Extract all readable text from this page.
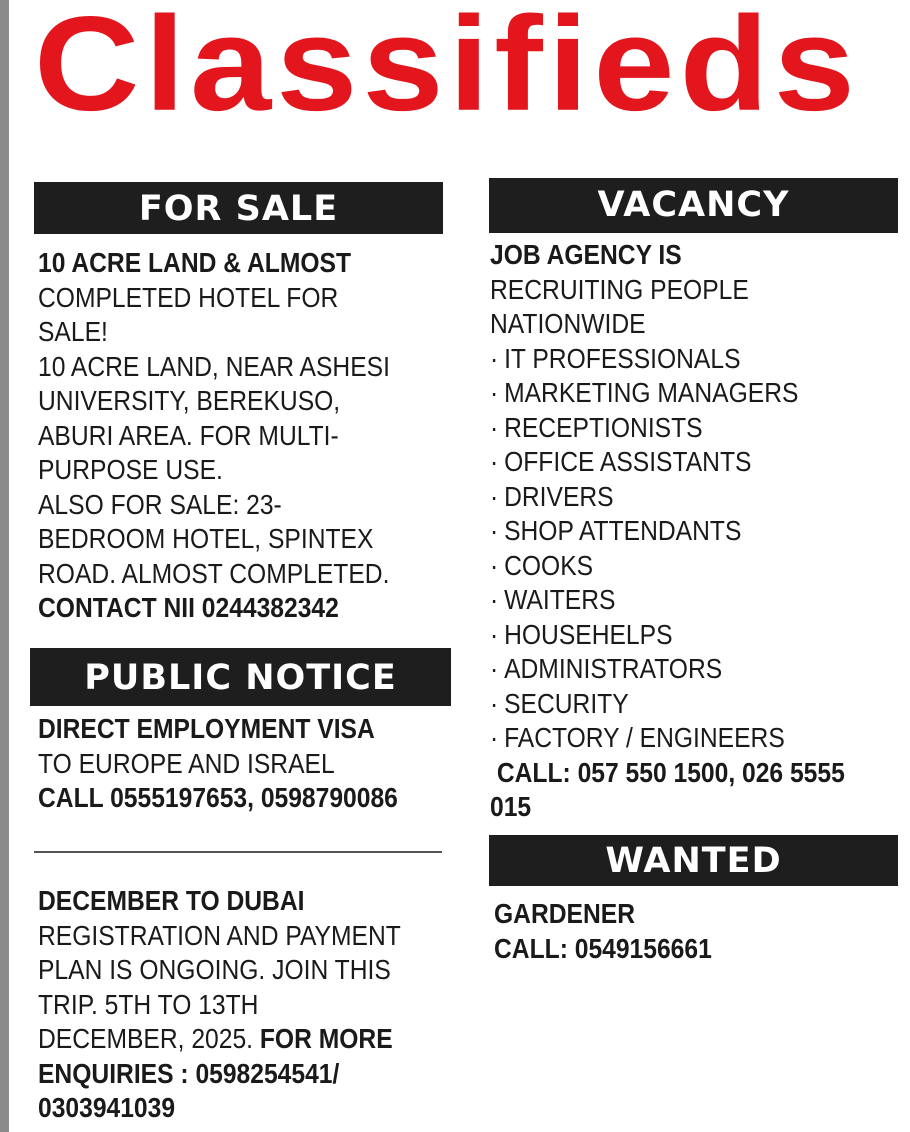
Classifieds
FOR SALE
10 ACRE LAND & ALMOST
COMPLETED HOTEL FOR
SALE!
10 ACRE LAND, NEAR ASHESI
UNIVERSITY, BEREKUSO,
ABURI AREA. FOR MULTI-
PURPOSE USE.
ALSO FOR SALE: 23-
BEDROOM HOTEL, SPINTEX
ROAD. ALMOST COMPLETED.
CONTACT NII 0244382342
PUBLIC NOTICE
DIRECT EMPLOYMENT VISA
TO EUROPE AND ISRAEL
CALL 0555197653, 0598790086
DECEMBER TO DUBAI
REGISTRATION AND PAYMENT
PLAN IS ONGOING. JOIN THIS
TRIP. 5TH TO 13TH
DECEMBER, 2025. FOR MORE
ENQUIRIES : 0598254541/
0303941039
VACANCY
JOB AGENCY IS
RECRUITING PEOPLE
NATIONWIDE
· IT PROFESSIONALS
· MARKETING MANAGERS
· RECEPTIONISTS
· OFFICE ASSISTANTS
· DRIVERS
· SHOP ATTENDANTS
· COOKS
· WAITERS
· HOUSEHELPS
· ADMINISTRATORS
· SECURITY
· FACTORY / ENGINEERS
CALL: 057 550 1500, 026 5555
015
WANTED
GARDENER
CALL: 0549156661
